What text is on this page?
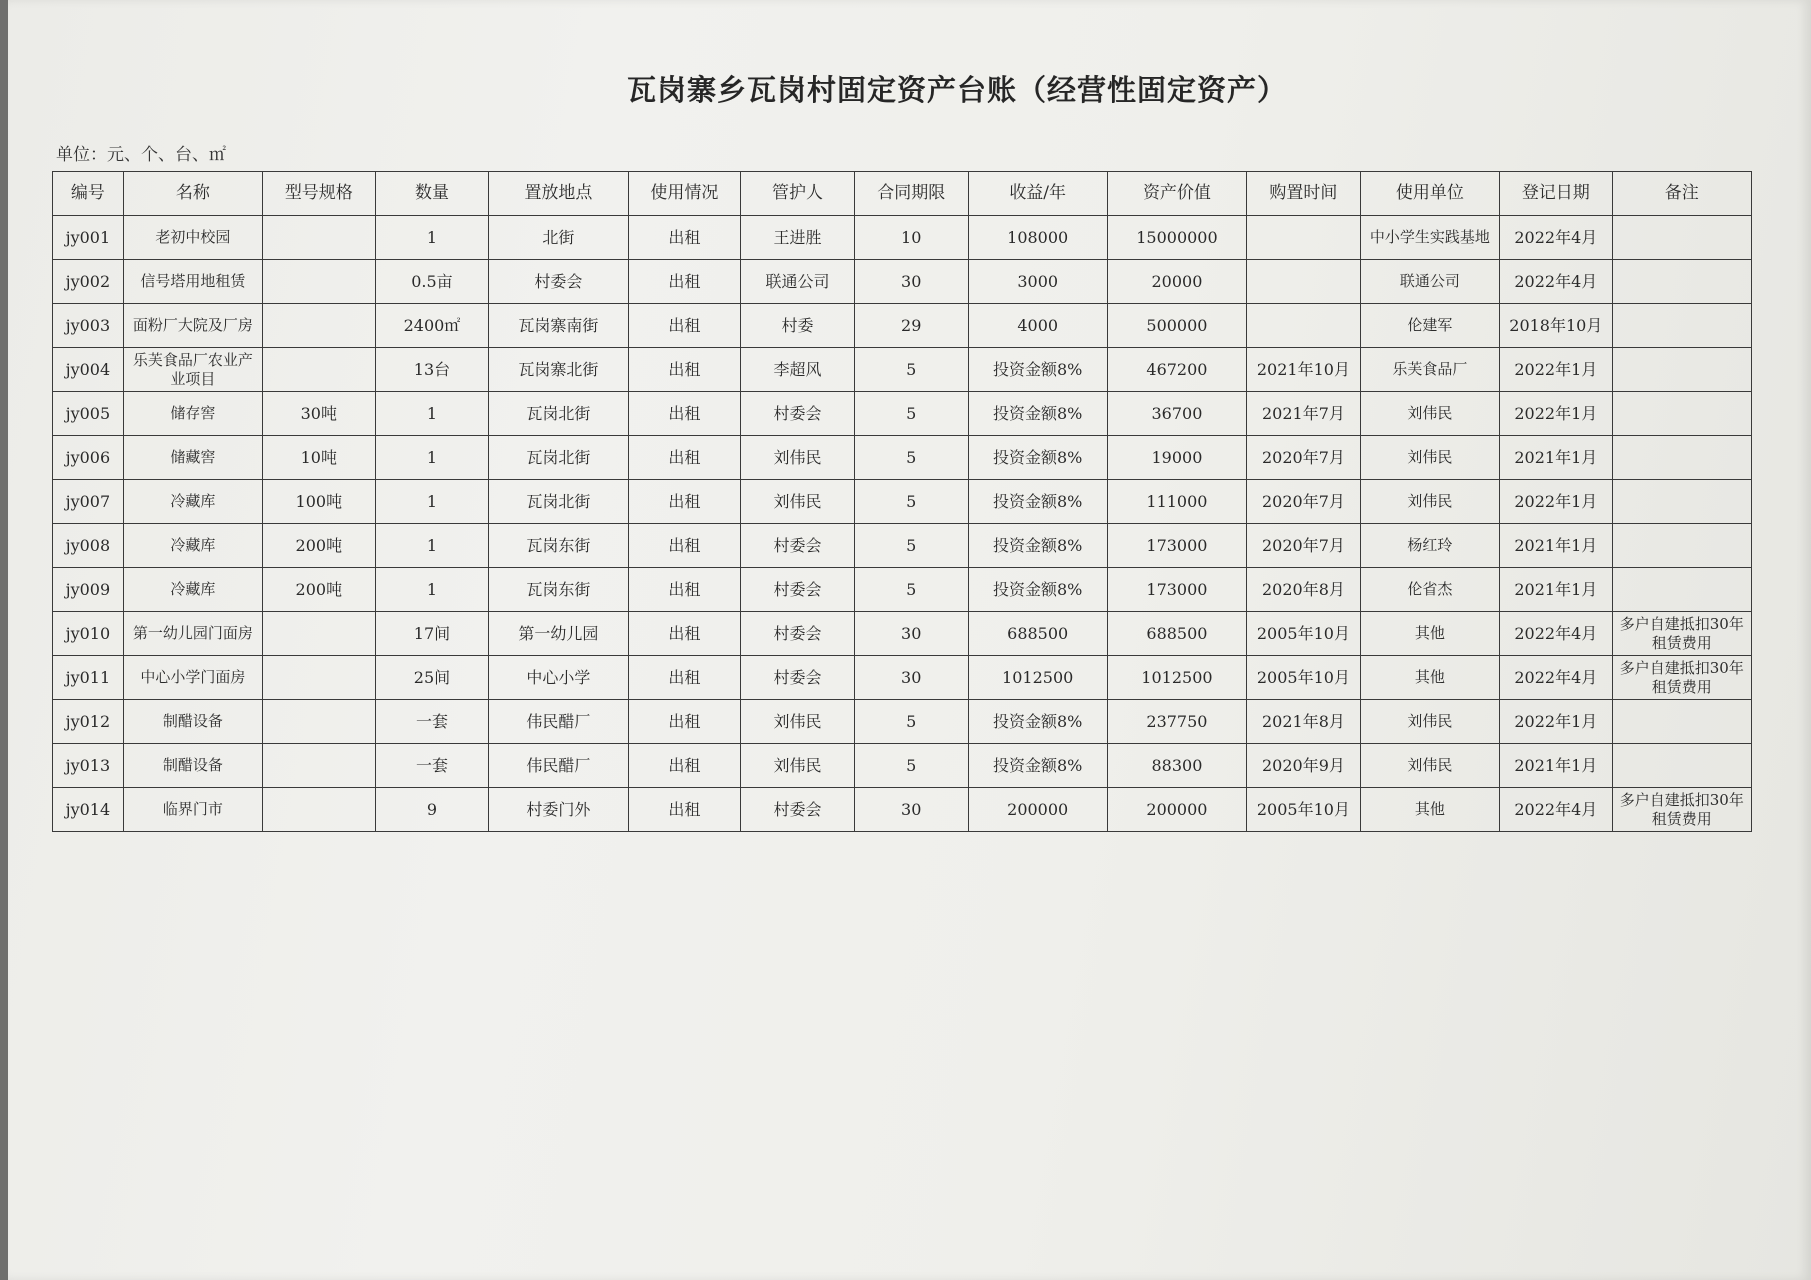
瓦岗寨乡瓦岗村固定资产台账（经营性固定资产）
单位：元、个、台、㎡
编号	名称	型号规格	数量	置放地点	使用情况	管护人	合同期限	收益/年	资产价值	购置时间	使用单位	登记日期	备注
jy001	老初中校园		1	北街	出租	王进胜	10	108000	15000000		中小学生实践基地	2022年4月	
jy002	信号塔用地租赁		0.5亩	村委会	出租	联通公司	30	3000	20000		联通公司	2022年4月	
jy003	面粉厂大院及厂房		2400㎡	瓦岗寨南街	出租	村委	29	4000	500000		伦建军	2018年10月	
jy004	乐芙食品厂农业产业项目		13台	瓦岗寨北街	出租	李超风	5	投资金额8%	467200	2021年10月	乐芙食品厂	2022年1月	
jy005	储存窖	30吨	1	瓦岗北街	出租	村委会	5	投资金额8%	36700	2021年7月	刘伟民	2022年1月	
jy006	储藏窖	10吨	1	瓦岗北街	出租	刘伟民	5	投资金额8%	19000	2020年7月	刘伟民	2021年1月	
jy007	冷藏库	100吨	1	瓦岗北街	出租	刘伟民	5	投资金额8%	111000	2020年7月	刘伟民	2022年1月	
jy008	冷藏库	200吨	1	瓦岗东街	出租	村委会	5	投资金额8%	173000	2020年7月	杨红玲	2021年1月	
jy009	冷藏库	200吨	1	瓦岗东街	出租	村委会	5	投资金额8%	173000	2020年8月	伦省杰	2021年1月	
jy010	第一幼儿园门面房		17间	第一幼儿园	出租	村委会	30	688500	688500	2005年10月	其他	2022年4月	多户自建抵扣30年租赁费用
jy011	中心小学门面房		25间	中心小学	出租	村委会	30	1012500	1012500	2005年10月	其他	2022年4月	多户自建抵扣30年租赁费用
jy012	制醋设备		一套	伟民醋厂	出租	刘伟民	5	投资金额8%	237750	2021年8月	刘伟民	2022年1月	
jy013	制醋设备		一套	伟民醋厂	出租	刘伟民	5	投资金额8%	88300	2020年9月	刘伟民	2021年1月	
jy014	临界门市		9	村委门外	出租	村委会	30	200000	200000	2005年10月	其他	2022年4月	多户自建抵扣30年租赁费用
